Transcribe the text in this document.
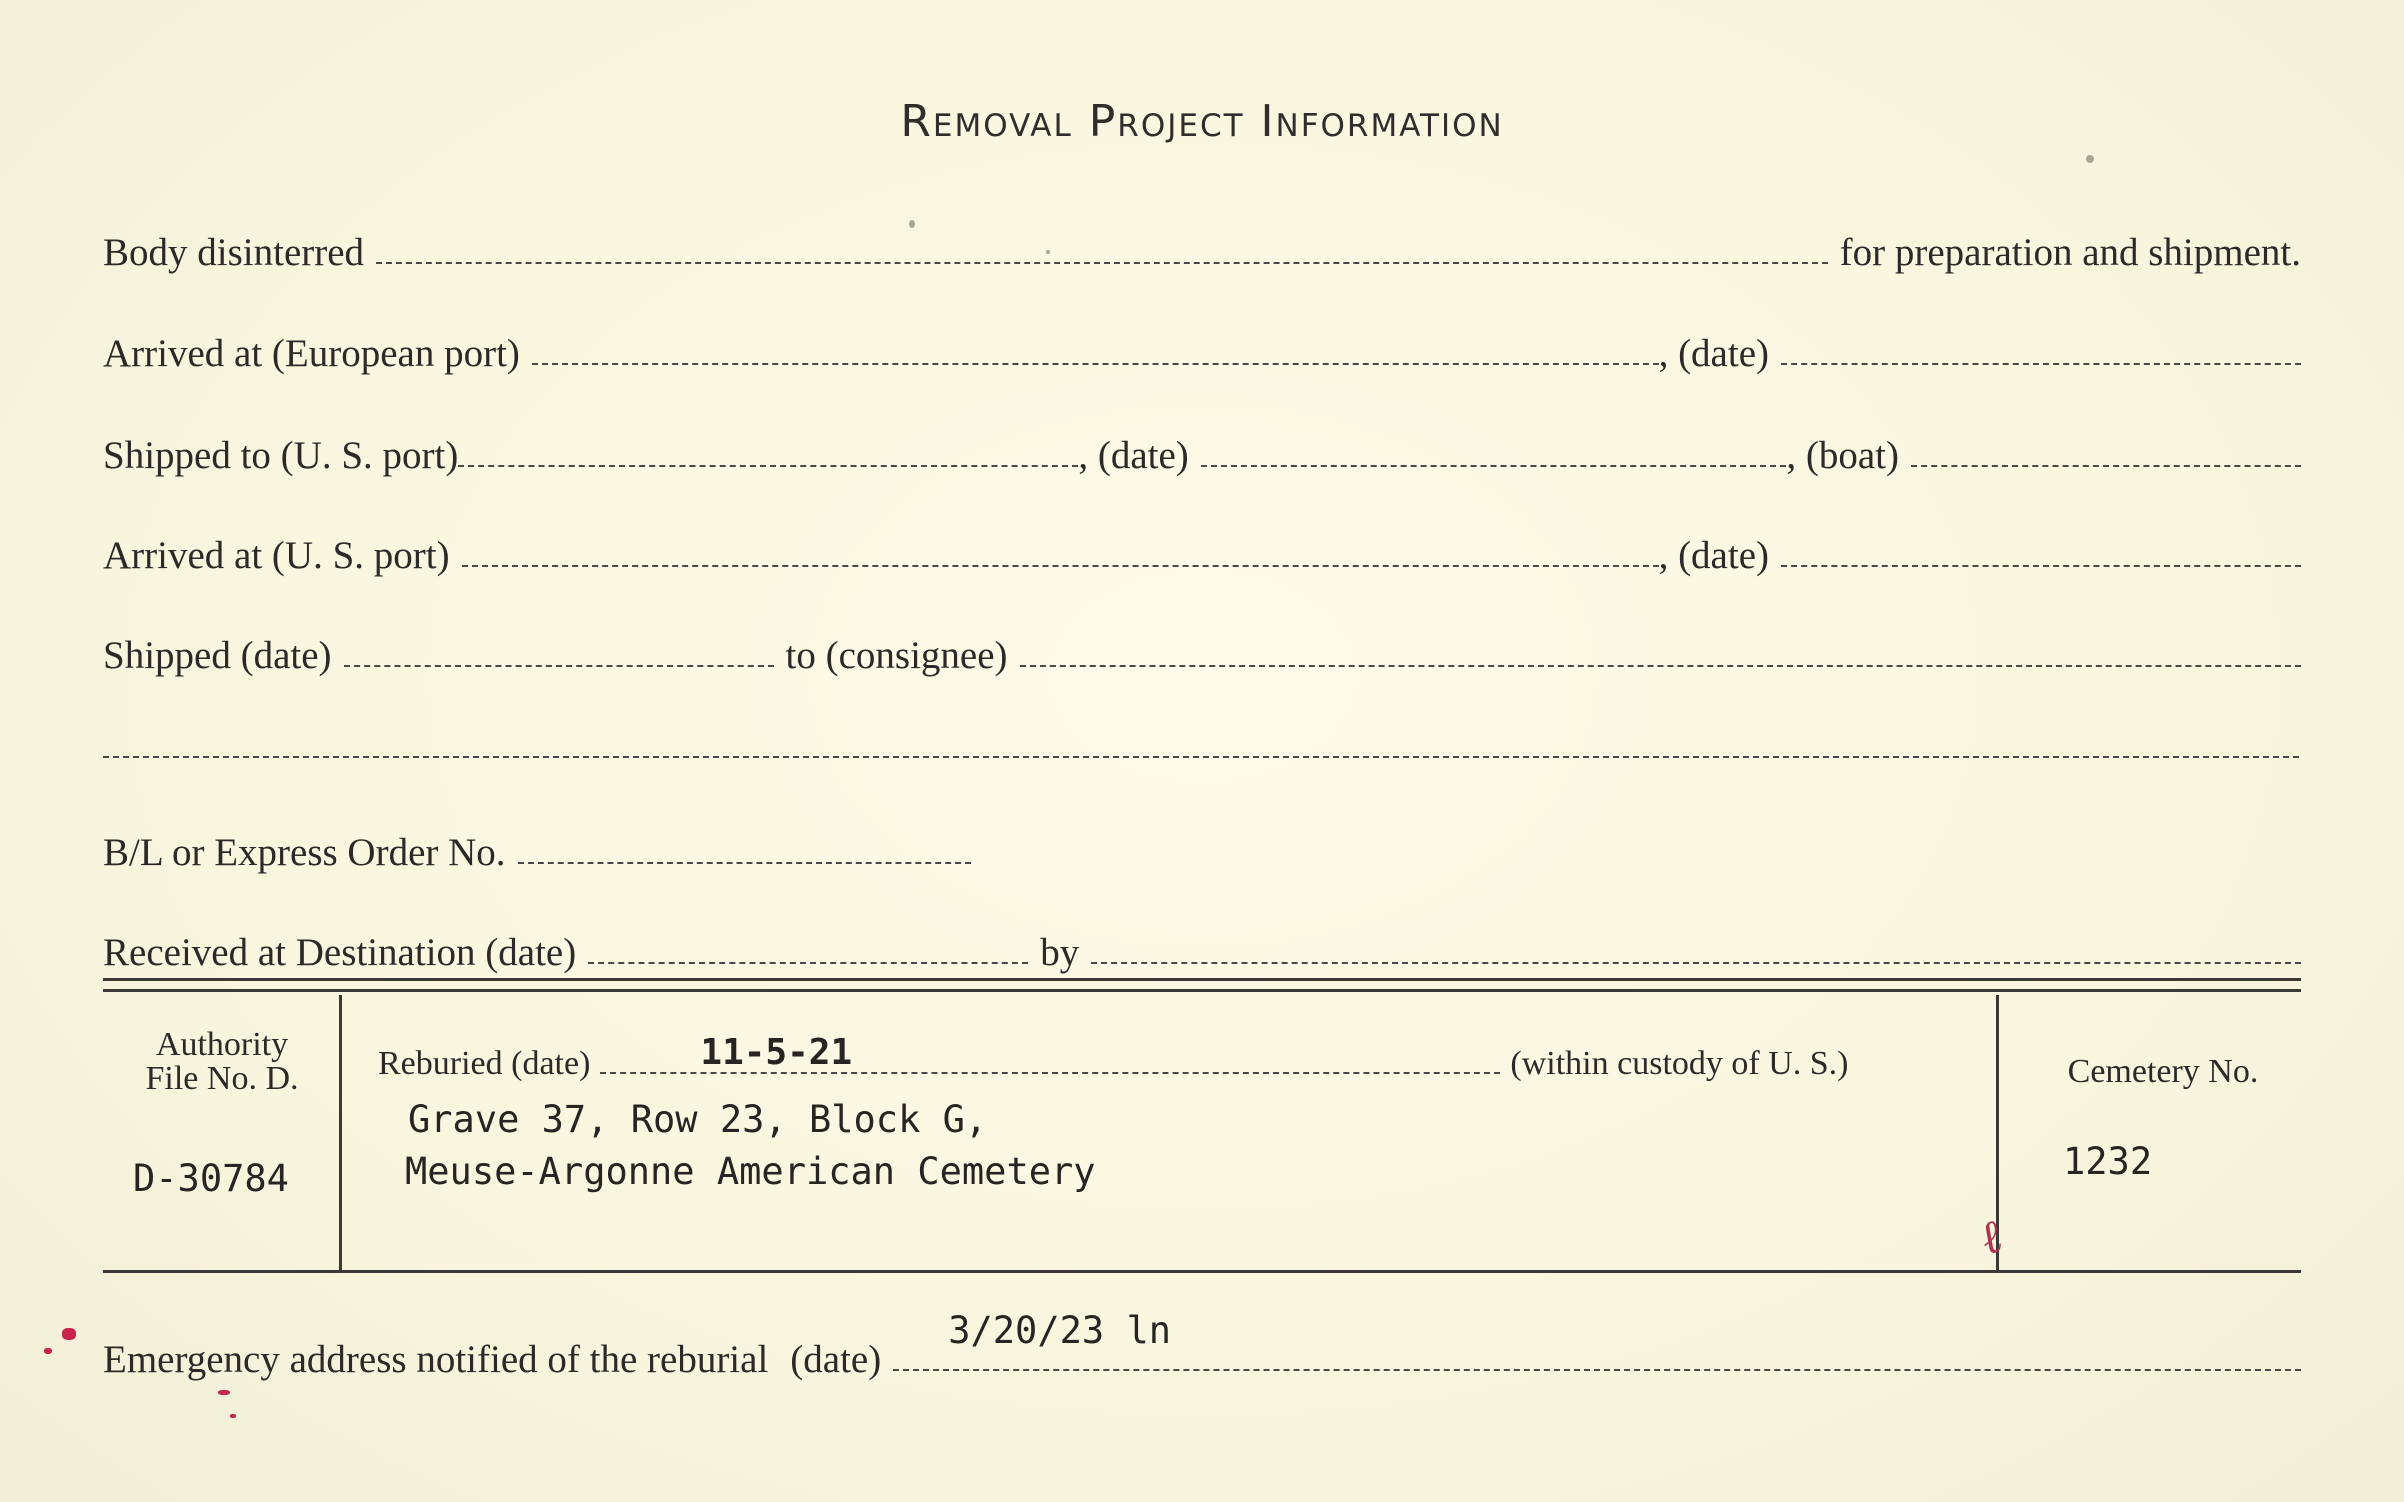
Removal Project Information
Body disinterred	for preparation and shipment.
Arrived at (European port)	, (date)
Shipped to (U. S. port)	, (date)	, (boat)
Arrived at (U. S. port)	, (date)
Shipped (date)	to (consignee)
B/L or Express Order No.
Received at Destination (date)	by
Authority
File No. D.
D-30784
Reburied (date)	11-5-21	(within custody of U. S.)
Grave 37, Row 23, Block G,
Meuse-Argonne American Cemetery
Cemetery No.
1232
ℓ
Emergency address notified of the reburial (date)
3/20/23 ln
